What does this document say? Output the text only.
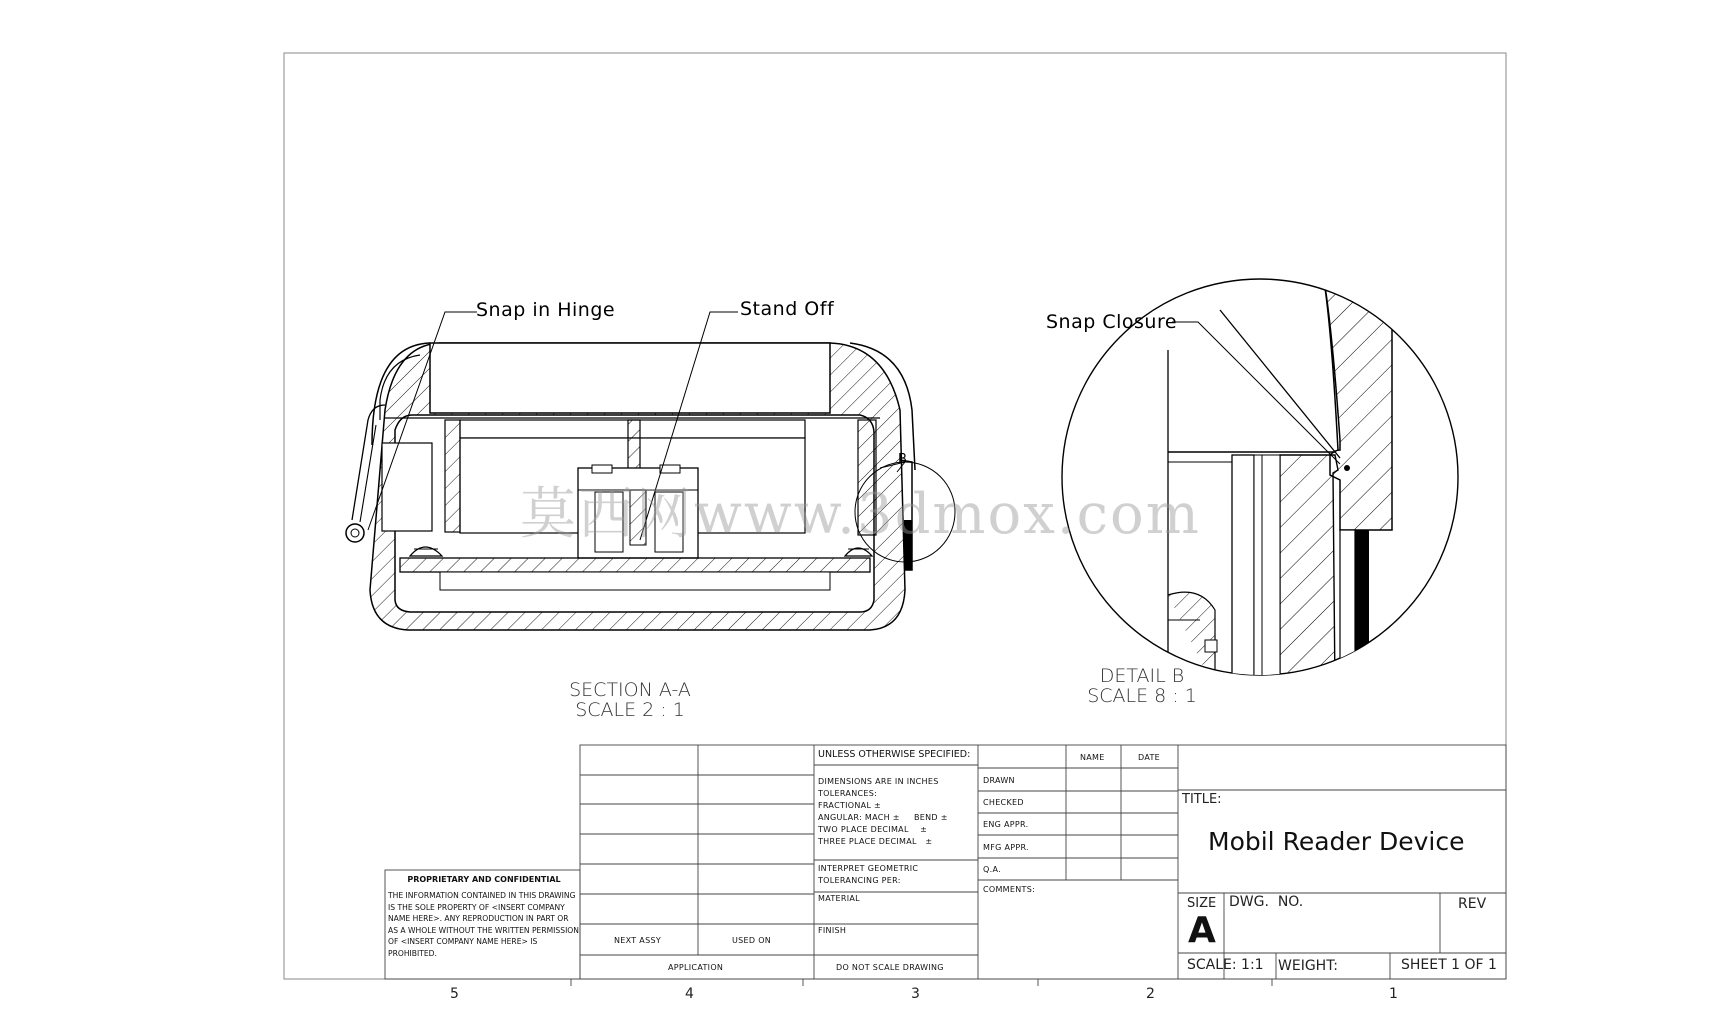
Snap in Hinge	Stand Off
Snap Closure
B
SECTION A-A
SCALE 2 : 1
DETAIL B
SCALE 8 : 1
莫西网www.3dmox.com
5	4	3	2	1
UNLESS OTHERWISE SPECIFIED:
DIMENSIONS ARE IN INCHES
TOLERANCES:
FRACTIONAL ±
ANGULAR: MACH ±     BEND ±
TWO PLACE DECIMAL    ±
THREE PLACE DECIMAL   ±
INTERPRET GEOMETRIC
TOLERANCING PER:
MATERIAL
FINISH
DO NOT SCALE DRAWING
NEXT ASSY	USED ON
APPLICATION
NAME	DATE
DRAWN
CHECKED
ENG APPR.
MFG APPR.
Q.A.
COMMENTS:
TITLE:
Mobil Reader Device
SIZE
A
DWG.  NO.	REV
SCALE: 1:1 WEIGHT:	SHEET 1 OF 1
PROPRIETARY AND CONFIDENTIAL
THE INFORMATION CONTAINED IN THIS DRAWING IS THE SOLE PROPERTY OF <INSERT COMPANY NAME HERE>. ANY REPRODUCTION IN PART OR AS A WHOLE WITHOUT THE WRITTEN PERMISSION OF <INSERT COMPANY NAME HERE> IS PROHIBITED.
